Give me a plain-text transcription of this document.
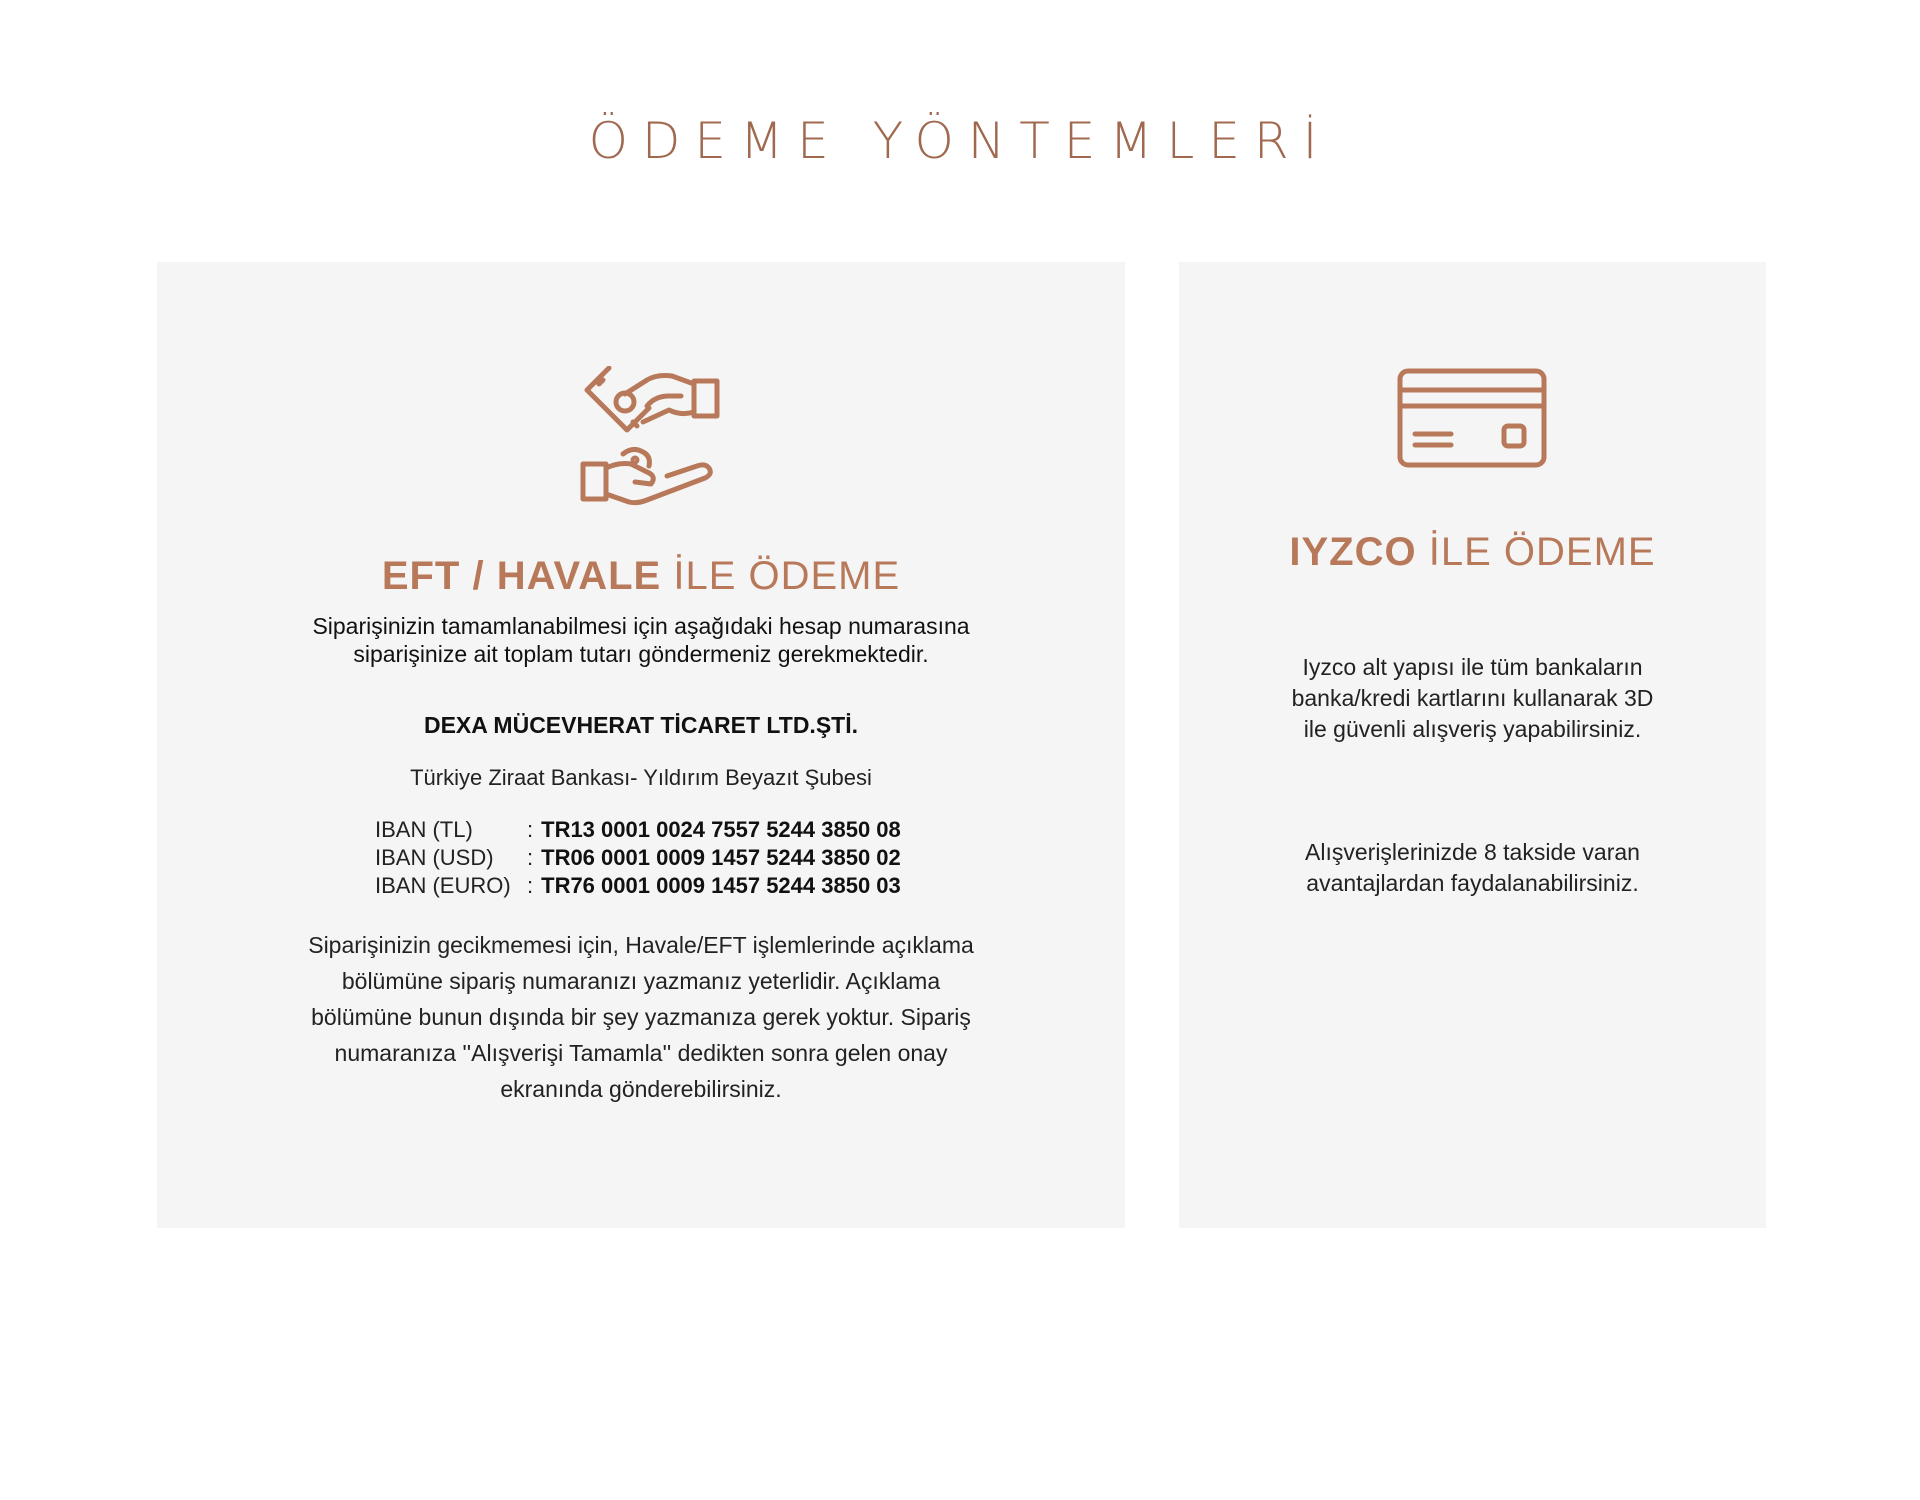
ÖDEME YÖNTEMLERİ
EFT / HAVALE İLE ÖDEME
Siparişinizin tamamlanabilmesi için aşağıdaki hesap numarasına siparişinize ait toplam tutarı göndermeniz gerekmektedir.
DEXA MÜCEVHERAT TİCARET LTD.ŞTİ.
Türkiye Ziraat Bankası- Yıldırım Beyazıt Şubesi
IBAN (TL)	: TR13 0001 0024 7557 5244 3850 08
IBAN (USD)	: TR06 0001 0009 1457 5244 3850 02
IBAN (EURO) : TR76 0001 0009 1457 5244 3850 03
Siparişinizin gecikmemesi için, Havale/EFT işlemlerinde açıklama bölümüne sipariş numaranızı yazmanız yeterlidir. Açıklama bölümüne bunun dışında bir şey yazmanıza gerek yoktur. Sipariş numaranıza ''Alışverişi Tamamla'' dedikten sonra gelen onay ekranında gönderebilirsiniz.
IYZCO İLE ÖDEME
Iyzco alt yapısı ile tüm bankaların banka/kredi kartlarını kullanarak 3D ile güvenli alışveriş yapabilirsiniz.
Alışverişlerinizde 8 takside varan avantajlardan faydalanabilirsiniz.
